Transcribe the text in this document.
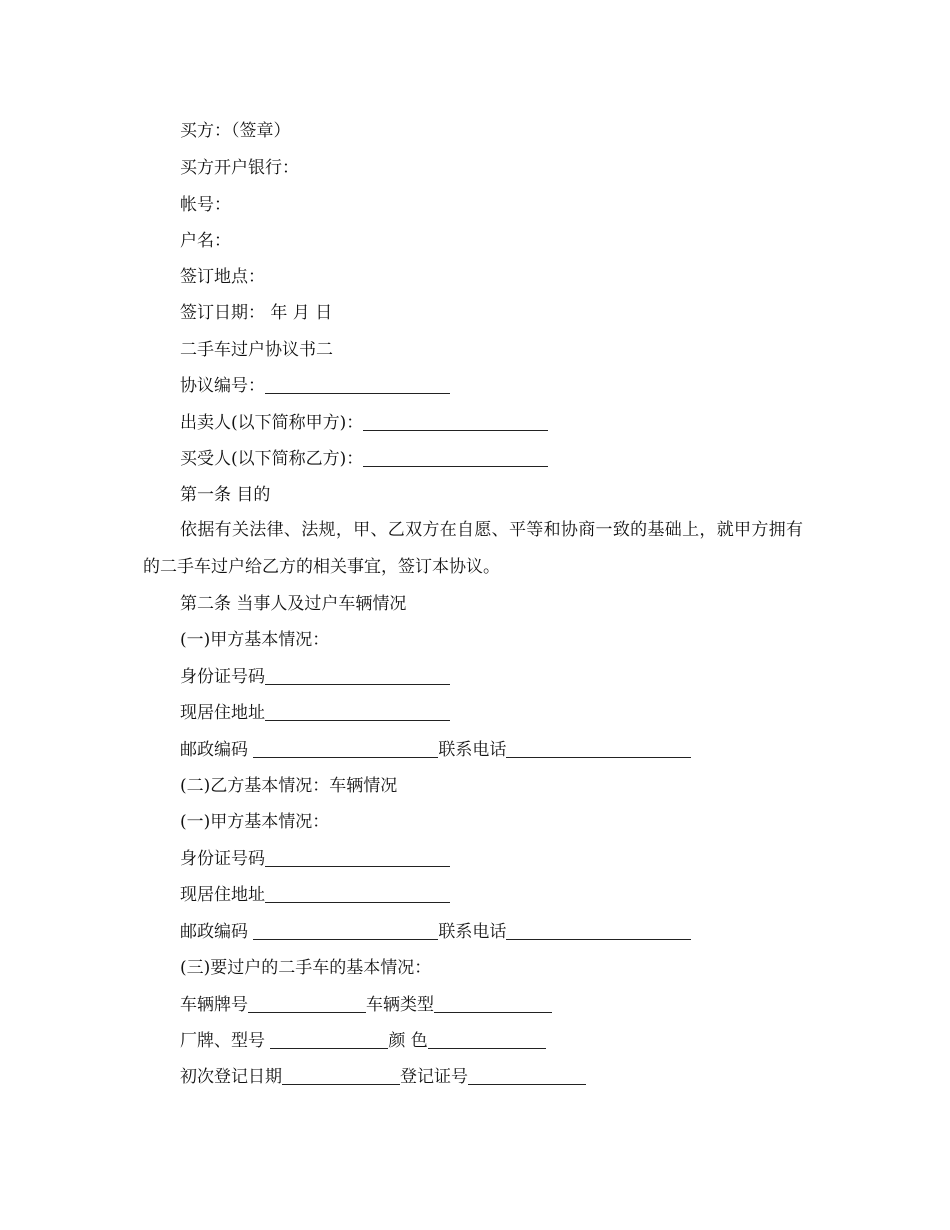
买方：（签章）
买方开户银行：
帐号：
户名：
签订地点：
签订日期： 年 月 日
二手车过户协议书二
协议编号：
出卖人(以下简称甲方)：
买受人(以下简称乙方)：
第一条 目的
依据有关法律、法规，甲、乙双方在自愿、平等和协商一致的基础上，就甲方拥有的二手车过户给乙方的相关事宜，签订本协议。
第二条 当事人及过户车辆情况
(一)甲方基本情况：
身份证号码
现居住地址
邮政编码	联系电话
(二)乙方基本情况：车辆情况
(一)甲方基本情况：
身份证号码
现居住地址
邮政编码	联系电话
(三)要过户的二手车的基本情况：
车辆牌号	车辆类型
厂牌、型号	颜 色
初次登记日期	登记证号
